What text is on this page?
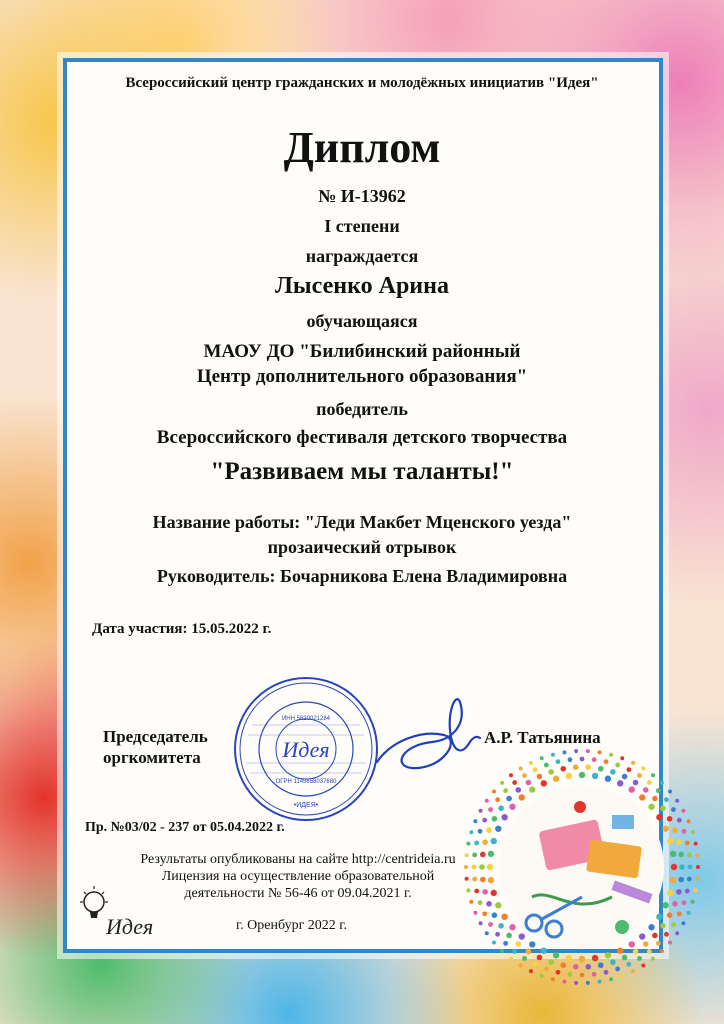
Всероссийский центр гражданских и молодёжных инициатив "Идея"
Диплом
№ И-13962
I степени
награждается
Лысенко Арина
обучающаяся
МАОУ ДО "Билибинский районный
Центр дополнительного образования"
победитель
Всероссийского фестиваля детского творчества
"Развиваем мы таланты!"
Название работы: "Леди Макбет Мценского уезда"
прозаический отрывок
Руководитель: Бочарникова Елена Владимировна
Дата участия: 15.05.2022 г.
Председатель
оргкомитета
А.Р. Татьянина
Пр. №03/02 - 237 от 05.04.2022 г.
Результаты опубликованы на сайте http://centrideia.ru
Лицензия на осуществление образовательной
деятельности № 56-46 от 09.04.2021 г.
г. Оренбург 2022 г.
Идея
ИНН 5620021284
ОГРН 1145658037680
•ИДЕЯ•
Идея
